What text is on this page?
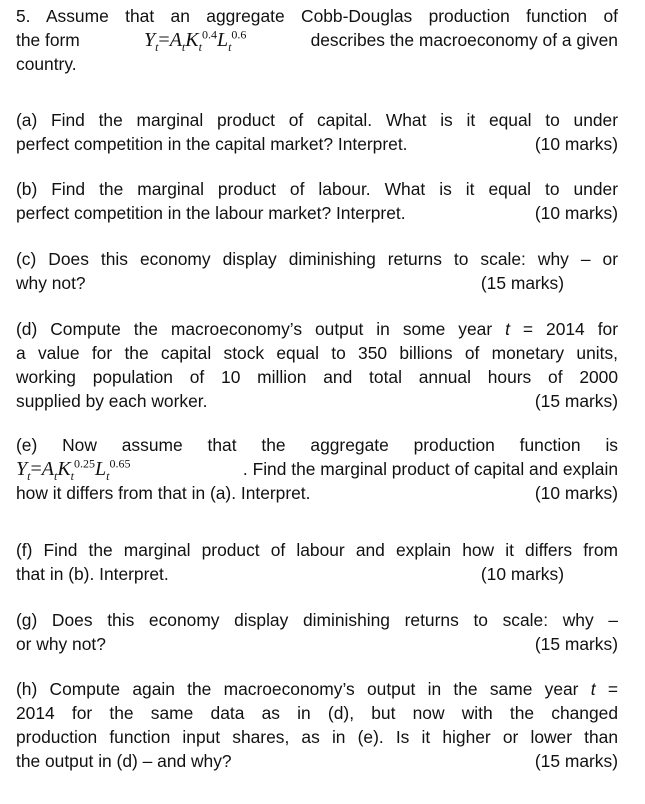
5. Assume that an aggregate Cobb-Douglas production function of
the form	$Y_t=A_tK_t^{0.4}L_t^{0.6}$	describes the macroeconomy of a given
country.
(a) Find the marginal product of capital. What is it equal to under
perfect competition in the capital market? Interpret.	(10 marks)
(b) Find the marginal product of labour. What is it equal to under
perfect competition in the labour market? Interpret.	(10 marks)
(c) Does this economy display diminishing returns to scale: why – or
why not?	(15 marks)
(d) Compute the macroeconomy’s output in some year t = 2014 for
a value for the capital stock equal to 350 billions of monetary units,
working population of 10 million and total annual hours of 2000
supplied by each worker.	(15 marks)
(e) Now assume that the aggregate production function is
$Y_t=A_tK_t^{0.25}L_t^{0.65}$	. Find the marginal product of capital and explain
how it differs from that in (a). Interpret.	(10 marks)
(f) Find the marginal product of labour and explain how it differs from
that in (b). Interpret.	(10 marks)
(g) Does this economy display diminishing returns to scale: why –
or why not?	(15 marks)
(h) Compute again the macroeconomy’s output in the same year t =
2014 for the same data as in (d), but now with the changed
production function input shares, as in (e). Is it higher or lower than
the output in (d) – and why?	(15 marks)
